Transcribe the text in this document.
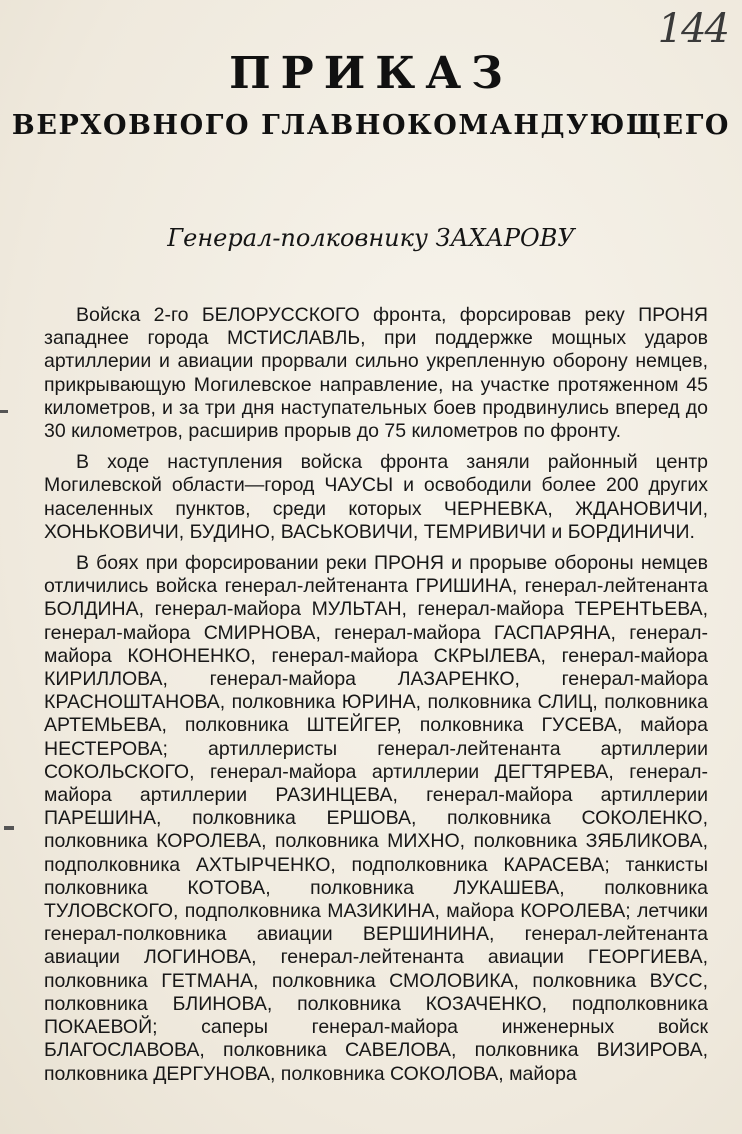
144
ПРИКАЗ
ВЕРХОВНОГО ГЛАВНОКОМАНДУЮЩЕГО
Генерал-полковнику ЗАХАРОВУ

Войска 2-го БЕЛОРУССКОГО фронта, форсировав реку ПРОНЯ западнее города МСТИСЛАВЛЬ, при поддержке мощных ударов артиллерии и авиации прорвали сильно укрепленную оборону немцев, прикрывающую Могилевское направление, на участке протяженном 45 километров, и за три дня наступательных боев продвинулись вперед до 30 километров, расширив прорыв до 75 километров по фронту.

В ходе наступления войска фронта заняли районный центр Могилевской области—город ЧАУСЫ и освободили более 200 других населенных пунктов, среди которых ЧЕРНЕВКА, ЖДАНОВИЧИ, ХОНЬКОВИЧИ, БУДИНО, ВАСЬКОВИЧИ, ТЕМРИВИЧИ и БОРДИНИЧИ.

В боях при форсировании реки ПРОНЯ и прорыве обороны немцев отличились войска генерал-лейтенанта ГРИШИНА, генерал-лейтенанта БОЛДИНА, генерал-майора МУЛЬТАН, генерал-майора ТЕРЕНТЬЕВА, генерал-майора СМИРНОВА, генерал-майора ГАСПАРЯНА, генерал-майора КОНОНЕНКО, генерал-майора СКРЫЛЕВА, генерал-майора КИРИЛЛОВА, генерал-майора ЛАЗАРЕНКО, генерал-майора КРАСНОШТАНОВА, полковника ЮРИНА, полковника СЛИЦ, полковника АРТЕМЬЕВА, полковника ШТЕЙГЕР, полковника ГУСЕВА, майора НЕСТЕРОВА; артиллеристы генерал-лейтенанта артиллерии СОКОЛЬСКОГО, генерал-майора артиллерии ДЕГТЯРЕВА, генерал-майора артиллерии РАЗИНЦЕВА, генерал-майора артиллерии ПАРЕШИНА, полковника ЕРШОВА, полковника СОКОЛЕНКО, полковника КОРОЛЕВА, полковника МИХНО, полковника ЗЯБЛИКОВА, подполковника АХТЫРЧЕНКО, подполковника КАРАСЕВА; танкисты полковника КОТОВА, полковника ЛУКАШЕВА, полковника ТУЛОВСКОГО, подполковника МАЗИКИНА, майора КОРОЛЕВА; летчики генерал-полковника авиации ВЕРШИНИНА, генерал-лейтенанта авиации ЛОГИНОВА, генерал-лейтенанта авиации ГЕОРГИЕВА, полковника ГЕТМАНА, полковника СМОЛОВИКА, полковника ВУСС, полковника БЛИНОВА, полковника КОЗАЧЕНКО, подполковника ПОКАЕВОЙ; саперы генерал-майора инженерных войск БЛАГОСЛАВОВА, полковника САВЕЛОВА, полковника ВИЗИРОВА, полковника ДЕРГУНОВА, полковника СОКОЛОВА, майора
